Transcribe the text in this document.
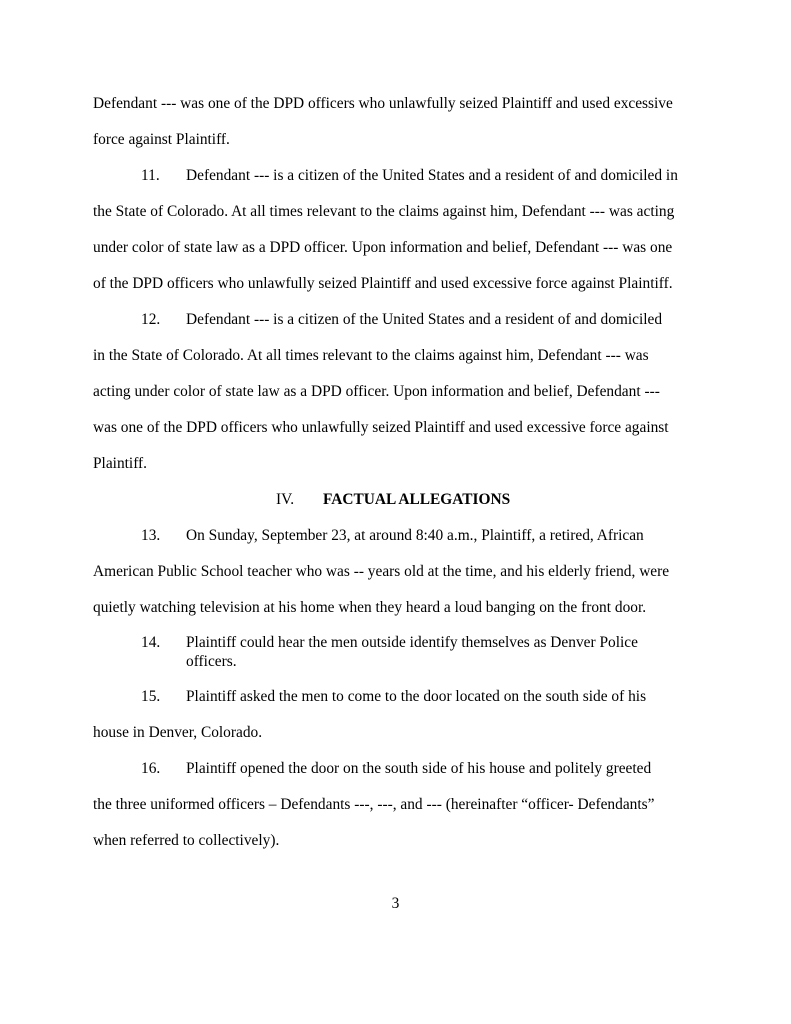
Defendant --- was one of the DPD officers who unlawfully seized Plaintiff and used excessive
force against Plaintiff.
11. Defendant --- is a citizen of the United States and a resident of and domiciled in
the State of Colorado. At all times relevant to the claims against him, Defendant --- was acting
under color of state law as a DPD officer. Upon information and belief, Defendant --- was one
of the DPD officers who unlawfully seized Plaintiff and used excessive force against Plaintiff.
12. Defendant --- is a citizen of the United States and a resident of and domiciled
in the State of Colorado. At all times relevant to the claims against him, Defendant --- was
acting under color of state law as a DPD officer. Upon information and belief, Defendant ---
was one of the DPD officers who unlawfully seized Plaintiff and used excessive force against
Plaintiff.
IV. FACTUAL ALLEGATIONS
13. On Sunday, September 23, at around 8:40 a.m., Plaintiff, a retired, African
American Public School teacher who was -- years old at the time, and his elderly friend, were
quietly watching television at his home when they heard a loud banging on the front door.
14. Plaintiff could hear the men outside identify themselves as Denver Police
officers.
15. Plaintiff asked the men to come to the door located on the south side of his
house in Denver, Colorado.
16. Plaintiff opened the door on the south side of his house and politely greeted
the three uniformed officers – Defendants ---, ---, and --- (hereinafter “officer- Defendants”
when referred to collectively).
3
